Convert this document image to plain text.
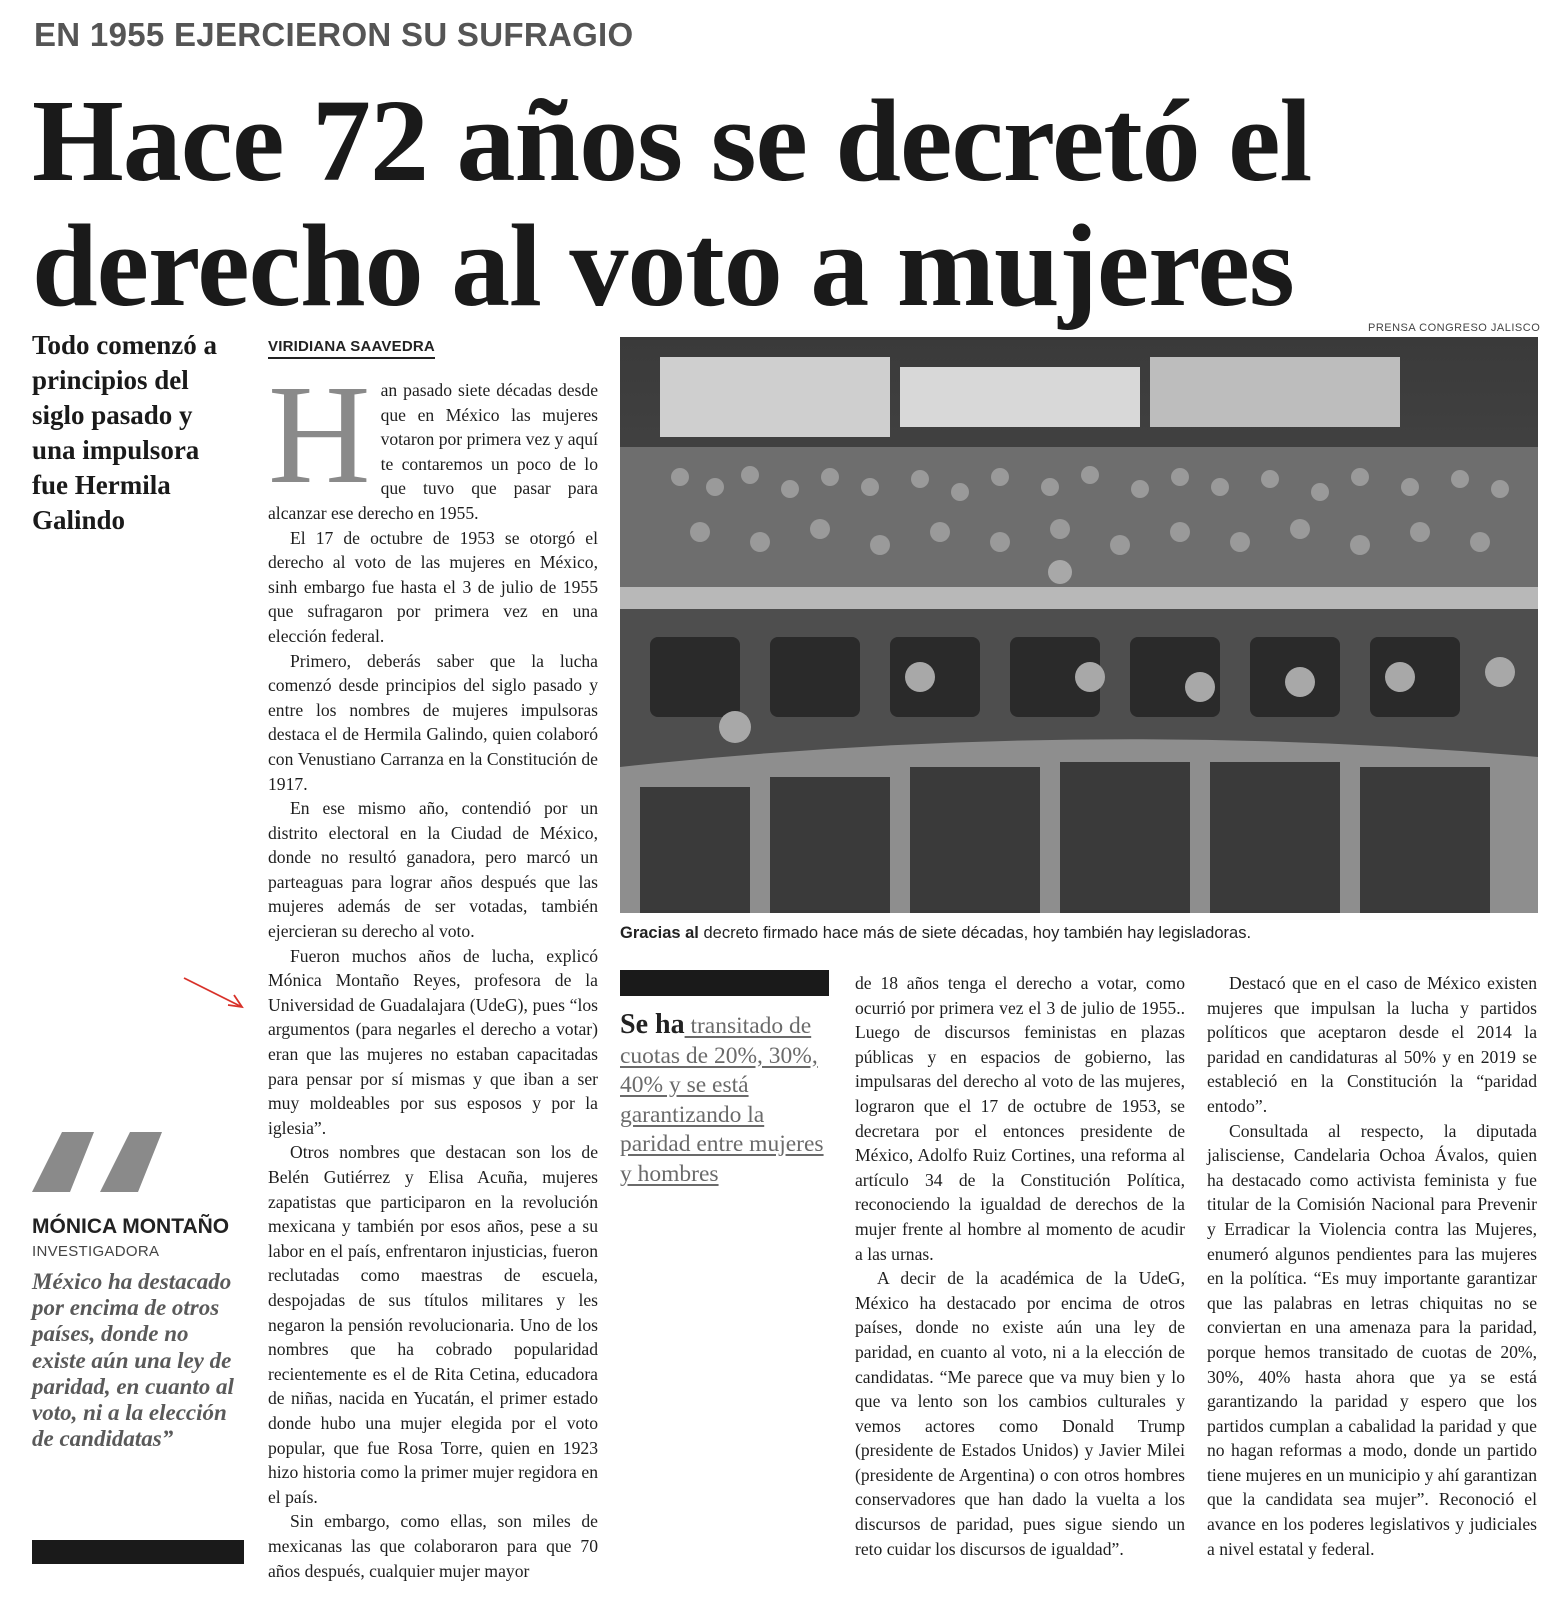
EN 1955 EJERCIERON SU SUFRAGIO
Hace 72 años se decretó el derecho al voto a mujeres
Todo comenzó a principios del siglo pasado y una impulsora fue Hermila Galindo
VIRIDIANA SAAVEDRA
H an pasado siete décadas desde que en México las mujeres votaron por primera vez y aquí te contaremos un poco de lo que tuvo que pasar para alcanzar ese derecho en 1955.

El 17 de octubre de 1953 se otorgó el derecho al voto de las mujeres en México, sinh embargo fue hasta el 3 de julio de 1955 que sufragaron por primera vez en una elección federal.

Primero, deberás saber que la lucha comenzó desde principios del siglo pasado y entre los nombres de mujeres impulsoras destaca el de Hermila Galindo, quien colaboró con Venustiano Carranza en la Constitución de 1917.

En ese mismo año, contendió por un distrito electoral en la Ciudad de México, donde no resultó ganadora, pero marcó un parteaguas para lograr años después que las mujeres además de ser votadas, también ejercieran su derecho al voto.

Fueron muchos años de lucha, explicó Mónica Montaño Reyes, profesora de la Universidad de Guadalajara (UdeG), pues “los argumentos (para negarles el derecho a votar) eran que las mujeres no estaban capacitadas para pensar por sí mismas y que iban a ser muy moldeables por sus esposos y por la iglesia”.

Otros nombres que destacan son los de Belén Gutiérrez y Elisa Acuña, mujeres zapatistas que participaron en la revolución mexicana y también por esos años, pese a su labor en el país, enfrentaron injusticias, fueron reclutadas como maestras de escuela, despojadas de sus títulos militares y les negaron la pensión revolucionaria. Uno de los nombres que ha cobrado popularidad recientemente es el de Rita Cetina, educadora de niñas, nacida en Yucatán, el primer estado donde hubo una mujer elegida por el voto popular, que fue Rosa Torre, quien en 1923 hizo historia como la primer mujer regidora en el país.

Sin embargo, como ellas, son miles de mexicanas las que colaboraron para que 70 años después, cualquier mujer mayor

PRENSA CONGRESO JALISCO
Gracias al decreto firmado hace más de siete décadas, hoy también hay legisladoras.
Se ha transitado de cuotas de 20%, 30%, 40% y se está garantizando la paridad entre mujeres y hombres

de 18 años tenga el derecho a votar, como ocurrió por primera vez el 3 de julio de 1955.. Luego de discursos feministas en plazas públicas y en espacios de gobierno, las impulsaras del derecho al voto de las mujeres, lograron que el 17 de octubre de 1953, se decretara por el entonces presidente de México, Adolfo Ruiz Cortines, una reforma al artículo 34 de la Constitución Política, reconociendo la igualdad de derechos de la mujer frente al hombre al momento de acudir a las urnas.

A decir de la académica de la UdeG, México ha destacado por encima de otros países, donde no existe aún una ley de paridad, en cuanto al voto, ni a la elección de candidatas. “Me parece que va muy bien y lo que va lento son los cambios culturales y vemos actores como Donald Trump (presidente de Estados Unidos) y Javier Milei (presidente de Argentina) o con otros hombres conservadores que han dado la vuelta a los discursos de paridad, pues sigue siendo un reto cuidar los discursos de igualdad”.

Destacó que en el caso de México existen mujeres que impulsan la lucha y partidos políticos que aceptaron desde el 2014 la paridad en candidaturas al 50% y en 2019 se estableció en la Constitución la “paridad entodo”.

Consultada al respecto, la diputada jalisciense, Candelaria Ochoa Ávalos, quien ha destacado como activista feminista y fue titular de la Comisión Nacional para Prevenir y Erradicar la Violencia contra las Mujeres, enumeró algunos pendientes para las mujeres en la política. “Es muy importante garantizar que las palabras en letras chiquitas no se conviertan en una amenaza para la paridad, porque hemos transitado de cuotas de 20%, 30%, 40% hasta ahora que ya se está garantizando la paridad y espero que los partidos cumplan a cabalidad la paridad y que no hagan reformas a modo, donde un partido tiene mujeres en un municipio y ahí garantizan que la candidata sea mujer”. Reconoció el avance en los poderes legislativos y judiciales a nivel estatal y federal.

MÓNICA MONTAÑO
INVESTIGADORA
México ha destacado por encima de otros países, donde no existe aún una ley de paridad, en cuanto al voto, ni a la elección de candidatas”
